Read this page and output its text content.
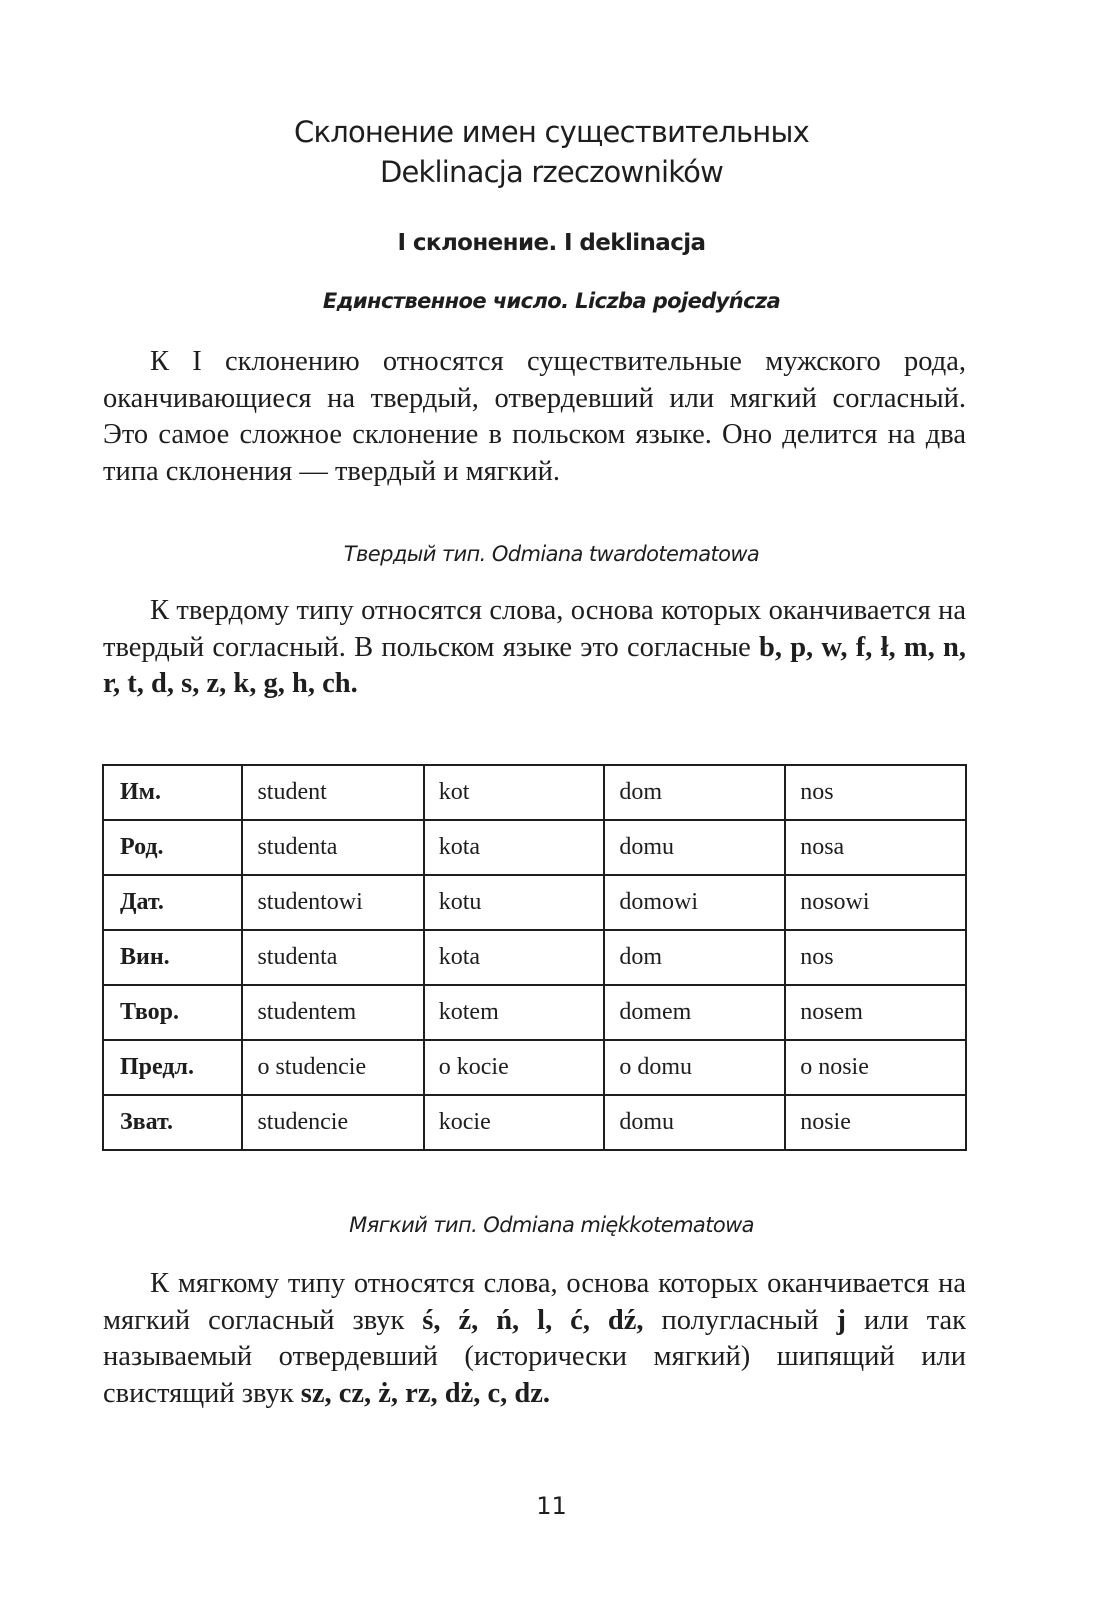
Склонение имен существительных
Deklinacja rzeczowników
I склонение. I deklinacja
Единственное число. Liczba pojedyńcza

К I склонению относятся существительные мужского рода, оканчивающиеся на твердый, отвердевший или мягкий согласный. Это самое сложное склонение в польском языке. Оно делится на два типа склонения — твердый и мягкий.

Твердый тип. Odmiana twardotematowa

К твердому типу относятся слова, основа которых оканчивается на твердый согласный. В польском языке это согласные b, p, w, f, ł, m, n, r, t, d, s, z, k, g, h, ch.

Им.	student	kot	dom	nos
Род.	studenta	kota	domu	nosa
Дат.	studentowi	kotu	domowi	nosowi
Вин.	studenta	kota	dom	nos
Твор.	studentem	kotem	domem	nosem
Предл.	o studencie	o kocie	o domu	o nosie
Зват.	studencie	kocie	domu	nosie
Мягкий тип. Odmiana miękkotematowa

К мягкому типу относятся слова, основа которых оканчивается на мягкий согласный звук ś, ź, ń, l, ć, dź, полугласный j или так называемый отвердевший (исторически мягкий) шипящий или свистящий звук sz, cz, ż, rz, dż, c, dz.

11
